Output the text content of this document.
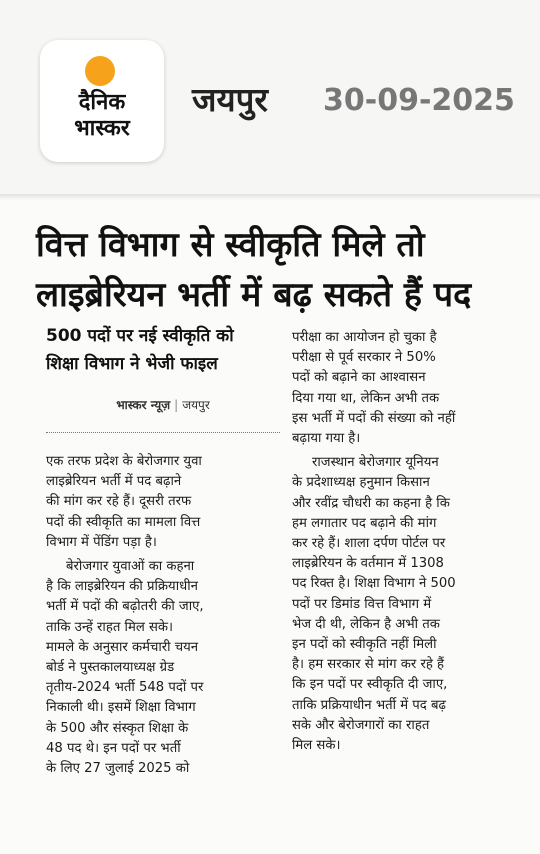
दैनिक
भास्कर
जयपुर 30-09-2025
वित्त विभाग से स्वीकृति मिले तो
लाइब्रेरियन भर्ती में बढ़ सकते हैं पद
500 पदों पर नई स्वीकृति को
शिक्षा विभाग ने भेजी फाइल
भास्कर न्यूज़ | जयपुर
एक तरफ प्रदेश के बेरोजगार युवा
लाइब्रेरियन भर्ती में पद बढ़ाने
की मांग कर रहे हैं। दूसरी तरफ
पदों की स्वीकृति का मामला वित्त
विभाग में पेंडिंग पड़ा है।
बेरोजगार युवाओं का कहना
है कि लाइब्रेरियन की प्रक्रियाधीन
भर्ती में पदों की बढ़ोतरी की जाए,
ताकि उन्हें राहत मिल सके।
मामले के अनुसार कर्मचारी चयन
बोर्ड ने पुस्तकालयाध्यक्ष ग्रेड
तृतीय-2024 भर्ती 548 पदों पर
निकाली थी। इसमें शिक्षा विभाग
के 500 और संस्कृत शिक्षा के
48 पद थे। इन पदों पर भर्ती
के लिए 27 जुलाई 2025 को
परीक्षा का आयोजन हो चुका है
परीक्षा से पूर्व सरकार ने 50%
पदों को बढ़ाने का आश्वासन
दिया गया था, लेकिन अभी तक
इस भर्ती में पदों की संख्या को नहीं
बढ़ाया गया है।
राजस्थान बेरोजगार यूनियन
के प्रदेशाध्यक्ष हनुमान किसान
और रवींद्र चौधरी का कहना है कि
हम लगातार पद बढ़ाने की मांग
कर रहे हैं। शाला दर्पण पोर्टल पर
लाइब्रेरियन के वर्तमान में 1308
पद रिक्त है। शिक्षा विभाग ने 500
पदों पर डिमांड वित्त विभाग में
भेज दी थी, लेकिन है अभी तक
इन पदों को स्वीकृति नहीं मिली
है। हम सरकार से मांग कर रहे हैं
कि इन पदों पर स्वीकृति दी जाए,
ताकि प्रक्रियाधीन भर्ती में पद बढ़
सके और बेरोजगारों का राहत
मिल सके।
